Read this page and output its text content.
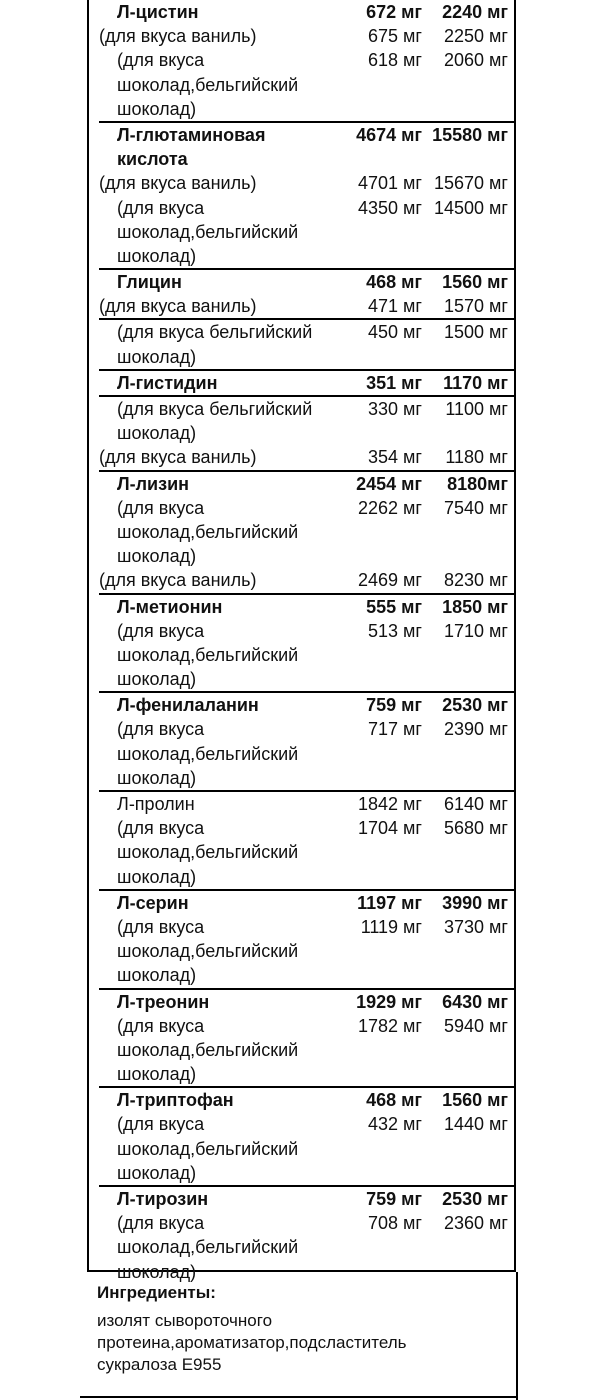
Л-цистин	672 мг 2240 мг
(для вкуса ваниль)	675 мг 2250 мг
(для вкуса	618 мг 2060 мг
шоколад,бельгийский
шоколад)
Л-глютаминовая	4674 мг 15580 мг
кислота
(для вкуса ваниль)	4701 мг 15670 мг
(для вкуса	4350 мг 14500 мг
шоколад,бельгийский
шоколад)
Глицин	468 мг 1560 мг
(для вкуса ваниль)	471 мг 1570 мг
(для вкуса бельгийский	450 мг 1500 мг
шоколад)
Л-гистидин	351 мг 1170 мг
(для вкуса бельгийский	330 мг 1100 мг
шоколад)
(для вкуса ваниль)	354 мг 1180 мг
Л-лизин	2454 мг 8180мг
(для вкуса	2262 мг 7540 мг
шоколад,бельгийский
шоколад)
(для вкуса ваниль)	2469 мг 8230 мг
Л-метионин	555 мг 1850 мг
(для вкуса	513 мг 1710 мг
шоколад,бельгийский
шоколад)
Л-фенилаланин	759 мг 2530 мг
(для вкуса	717 мг 2390 мг
шоколад,бельгийский
шоколад)
Л-пролин	1842 мг 6140 мг
(для вкуса	1704 мг 5680 мг
шоколад,бельгийский
шоколад)
Л-серин	1197 мг 3990 мг
(для вкуса	1119 мг 3730 мг
шоколад,бельгийский
шоколад)
Л-треонин	1929 мг 6430 мг
(для вкуса	1782 мг 5940 мг
шоколад,бельгийский
шоколад)
Л-триптофан	468 мг 1560 мг
(для вкуса	432 мг 1440 мг
шоколад,бельгийский
шоколад)
Л-тирозин	759 мг 2530 мг
(для вкуса	708 мг 2360 мг
шоколад,бельгийский
шоколад)
Ингредиенты:
изолят сывороточного
протеина,ароматизатор,подсластитель
сукралоза Е955
